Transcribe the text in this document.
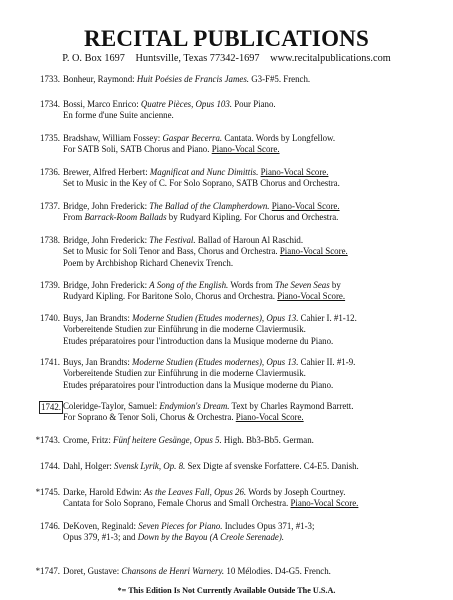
RECITAL PUBLICATIONS
P. O. Box 1697 Huntsville, Texas 77342-1697 www.recitalpublications.com
1733. Bonheur, Raymond: Huit Poésies de Francis James. G3-F#5. French.
1734. Bossi, Marco Enrico: Quatre Pièces, Opus 103. Pour Piano.
En forme d'une Suite ancienne.
1735. Bradshaw, William Fossey: Gaspar Becerra. Cantata. Words by Longfellow.
For SATB Soli, SATB Chorus and Piano. Piano-Vocal Score.
1736. Brewer, Alfred Herbert: Magnificat and Nunc Dimittis. Piano-Vocal Score.
Set to Music in the Key of C. For Solo Soprano, SATB Chorus and Orchestra.
1737. Bridge, John Frederick: The Ballad of the Clampherdown. Piano-Vocal Score.
From Barrack-Room Ballads by Rudyard Kipling. For Chorus and Orchestra.
1738. Bridge, John Frederick: The Festival. Ballad of Haroun Al Raschid.
Set to Music for Soli Tenor and Bass, Chorus and Orchestra. Piano-Vocal Score.
Poem by Archbishop Richard Chenevix Trench.
1739. Bridge, John Frederick: A Song of the English. Words from The Seven Seas by
Rudyard Kipling. For Baritone Solo, Chorus and Orchestra. Piano-Vocal Score.
1740. Buys, Jan Brandts: Moderne Studien (Etudes modernes), Opus 13. Cahier I. #1-12.
Vorbereitende Studien zur Einführung in die moderne Claviermusik.
Etudes préparatoires pour l'introduction dans la Musique moderne du Piano.
1741. Buys, Jan Brandts: Moderne Studien (Etudes modernes), Opus 13. Cahier II. #1-9.
Vorbereitende Studien zur Einführung in die moderne Claviermusik.
Etudes préparatoires pour l'introduction dans la Musique moderne du Piano.
1742. Coleridge-Taylor, Samuel: Endymion's Dream. Text by Charles Raymond Barrett.
For Soprano & Tenor Soli, Chorus & Orchestra. Piano-Vocal Score.
*1743. Crome, Fritz: Fünf heitere Gesänge, Opus 5. High. Bb3-Bb5. German.
1744. Dahl, Holger: Svensk Lyrik, Op. 8. Sex Digte af svenske Forfattere. C4-E5. Danish.
*1745. Darke, Harold Edwin: As the Leaves Fall, Opus 26. Words by Joseph Courtney.
Cantata for Solo Soprano, Female Chorus and Small Orchestra. Piano-Vocal Score.
1746. DeKoven, Reginald: Seven Pieces for Piano. Includes Opus 371, #1-3;
Opus 379, #1-3; and Down by the Bayou (A Creole Serenade).
*1747. Doret, Gustave: Chansons de Henri Warnery. 10 Mélodies. D4-G5. French.
*= This Edition Is Not Currently Available Outside The U.S.A.
